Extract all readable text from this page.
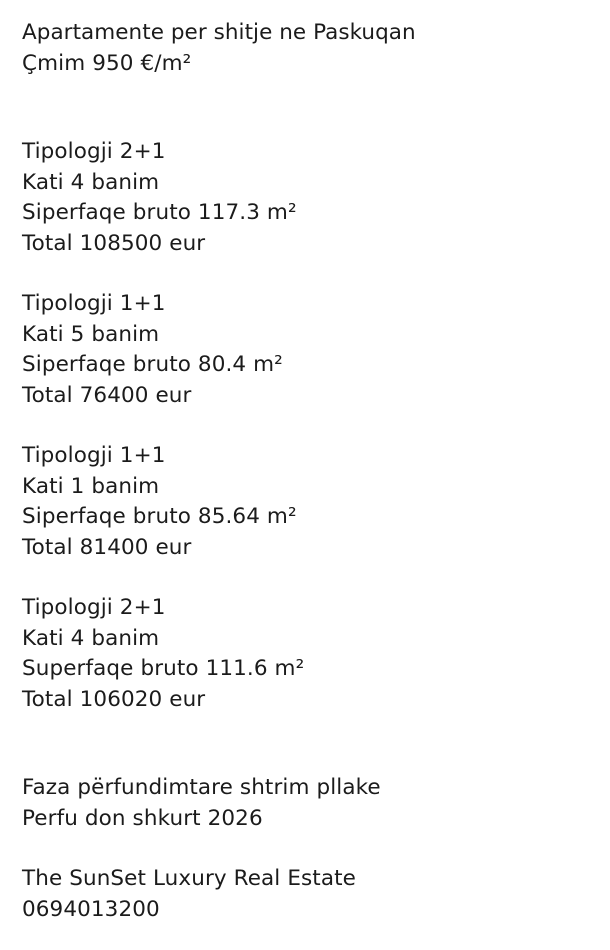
Apartamente per shitje ne Paskuqan
Çmim 950 €/m²
Tipologji 2+1
Kati 4 banim
Siperfaqe bruto 117.3 m²
Total 108500 eur
Tipologji 1+1
Kati 5 banim
Siperfaqe bruto 80.4 m²
Total 76400 eur
Tipologji 1+1
Kati 1 banim
Siperfaqe bruto 85.64 m²
Total 81400 eur
Tipologji 2+1
Kati 4 banim
Superfaqe bruto 111.6 m²
Total 106020 eur
Faza përfundimtare shtrim pllake
Perfu don shkurt 2026
The SunSet Luxury Real Estate
0694013200
